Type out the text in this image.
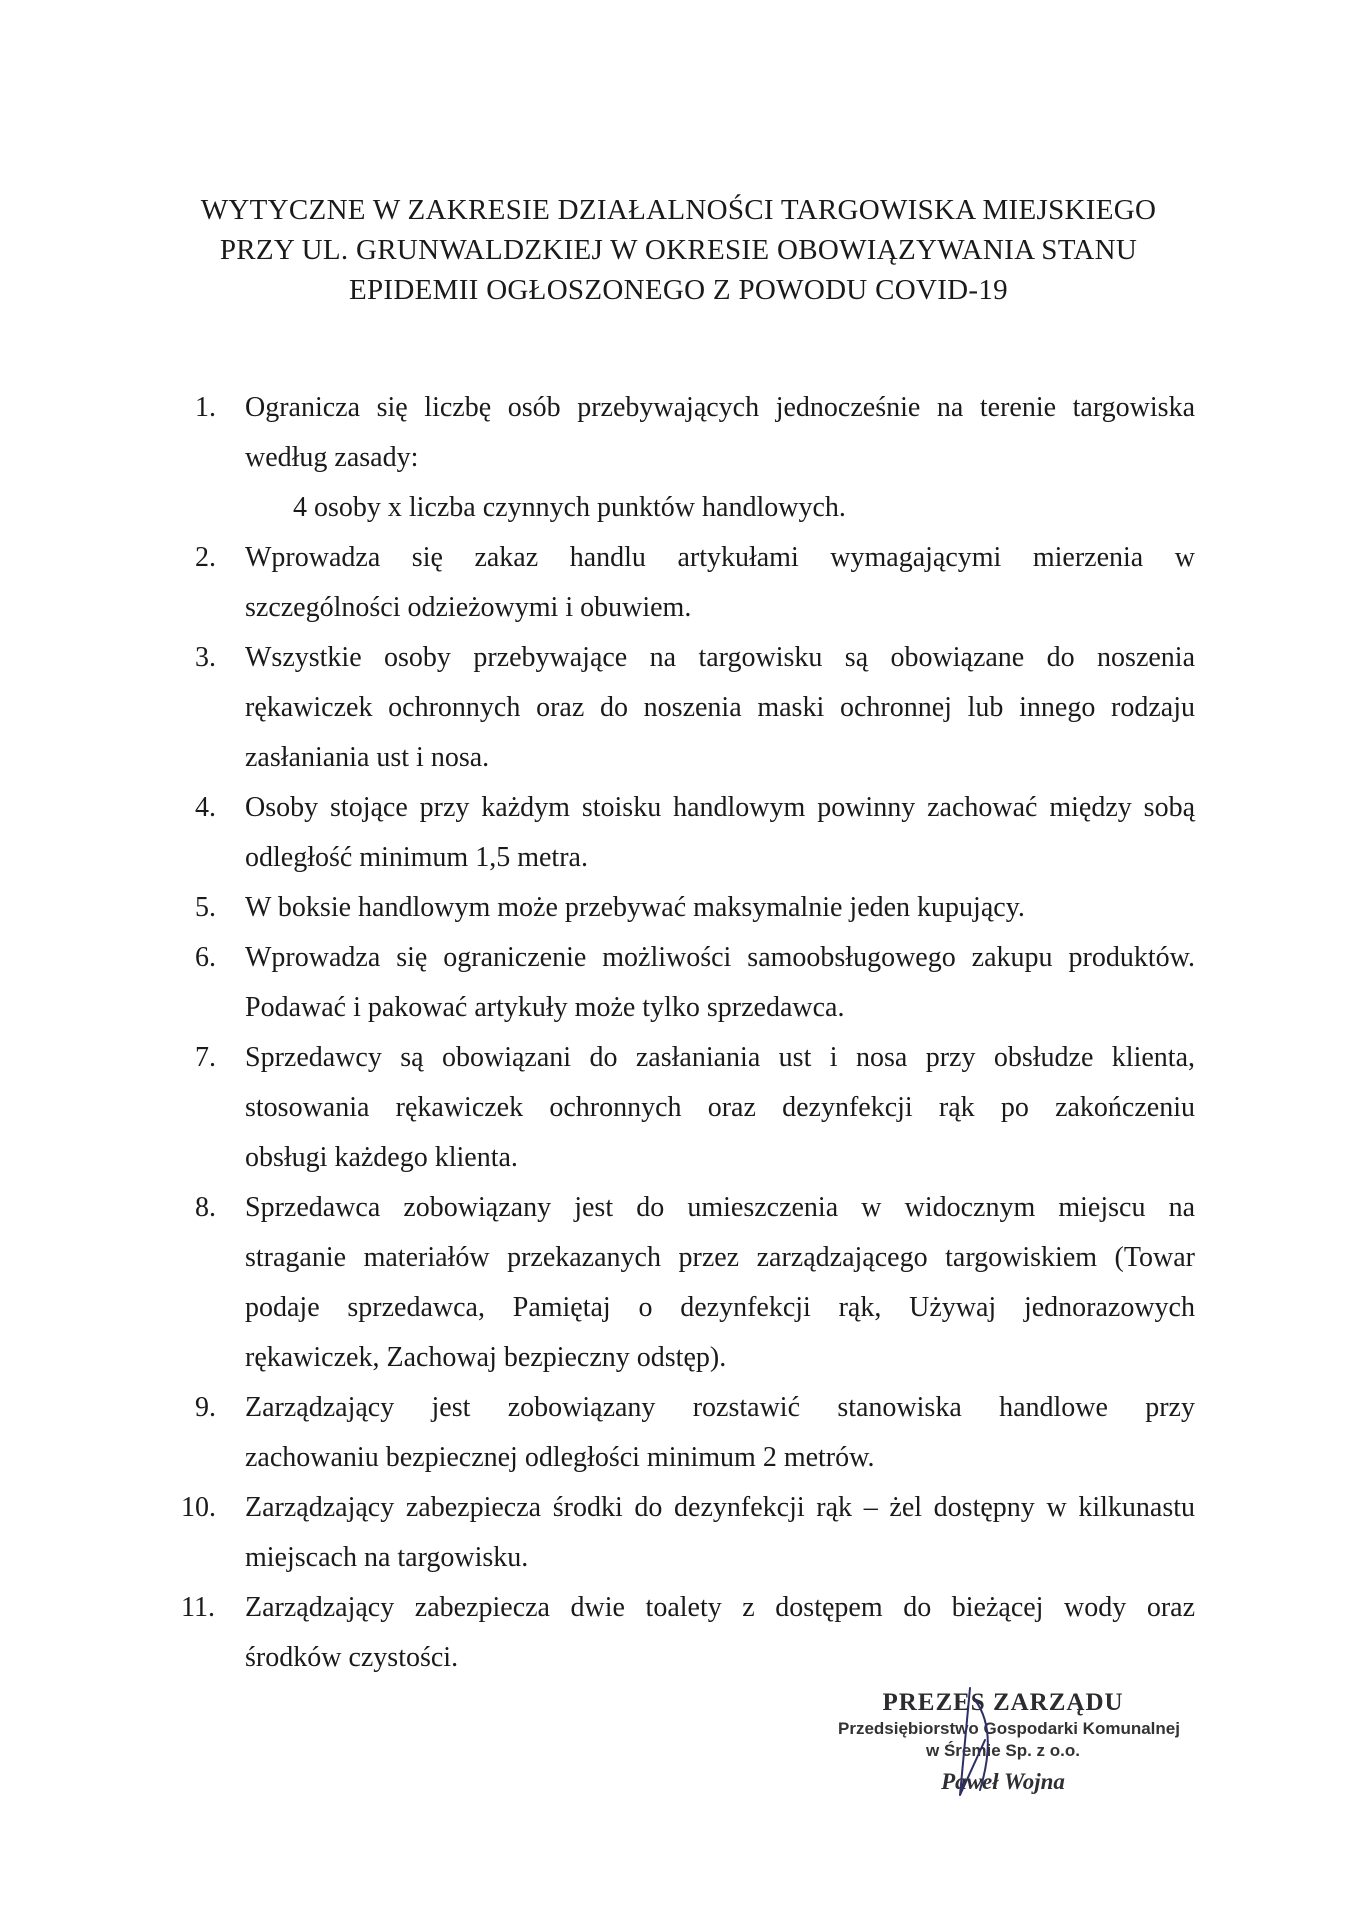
WYTYCZNE W ZAKRESIE DZIAŁALNOŚCI TARGOWISKA MIEJSKIEGO
PRZY UL. GRUNWALDZKIEJ W OKRESIE OBOWIĄZYWANIA STANU
EPIDEMII OGŁOSZONEGO Z POWODU COVID-19
1. Ogranicza się liczbę osób przebywających jednocześnie na terenie targowiska
według zasady:
4 osoby x liczba czynnych punktów handlowych.
2. Wprowadza się zakaz handlu artykułami wymagającymi mierzenia w
szczególności odzieżowymi i obuwiem.
3. Wszystkie osoby przebywające na targowisku są obowiązane do noszenia
rękawiczek ochronnych oraz do noszenia maski ochronnej lub innego rodzaju
zasłaniania ust i nosa.
4. Osoby stojące przy każdym stoisku handlowym powinny zachować między sobą
odległość minimum 1,5 metra.
5. W boksie handlowym może przebywać maksymalnie jeden kupujący.
6. Wprowadza się ograniczenie możliwości samoobsługowego zakupu produktów.
Podawać i pakować artykuły może tylko sprzedawca.
7. Sprzedawcy są obowiązani do zasłaniania ust i nosa przy obsłudze klienta,
stosowania rękawiczek ochronnych oraz dezynfekcji rąk po zakończeniu
obsługi każdego klienta.
8. Sprzedawca zobowiązany jest do umieszczenia w widocznym miejscu na
straganie materiałów przekazanych przez zarządzającego targowiskiem (Towar
podaje sprzedawca, Pamiętaj o dezynfekcji rąk, Używaj jednorazowych
rękawiczek, Zachowaj bezpieczny odstęp).
9. Zarządzający jest zobowiązany rozstawić stanowiska handlowe przy
zachowaniu bezpiecznej odległości minimum 2 metrów.
10. Zarządzający zabezpiecza środki do dezynfekcji rąk – żel dostępny w kilkunastu
miejscach na targowisku.
11. Zarządzający zabezpiecza dwie toalety z dostępem do bieżącej wody oraz
środków czystości.
PREZES ZARZĄDU
Przedsiębiorstwo Gospodarki Komunalnej
w Śremie Sp. z o.o.
Paweł Wojna
